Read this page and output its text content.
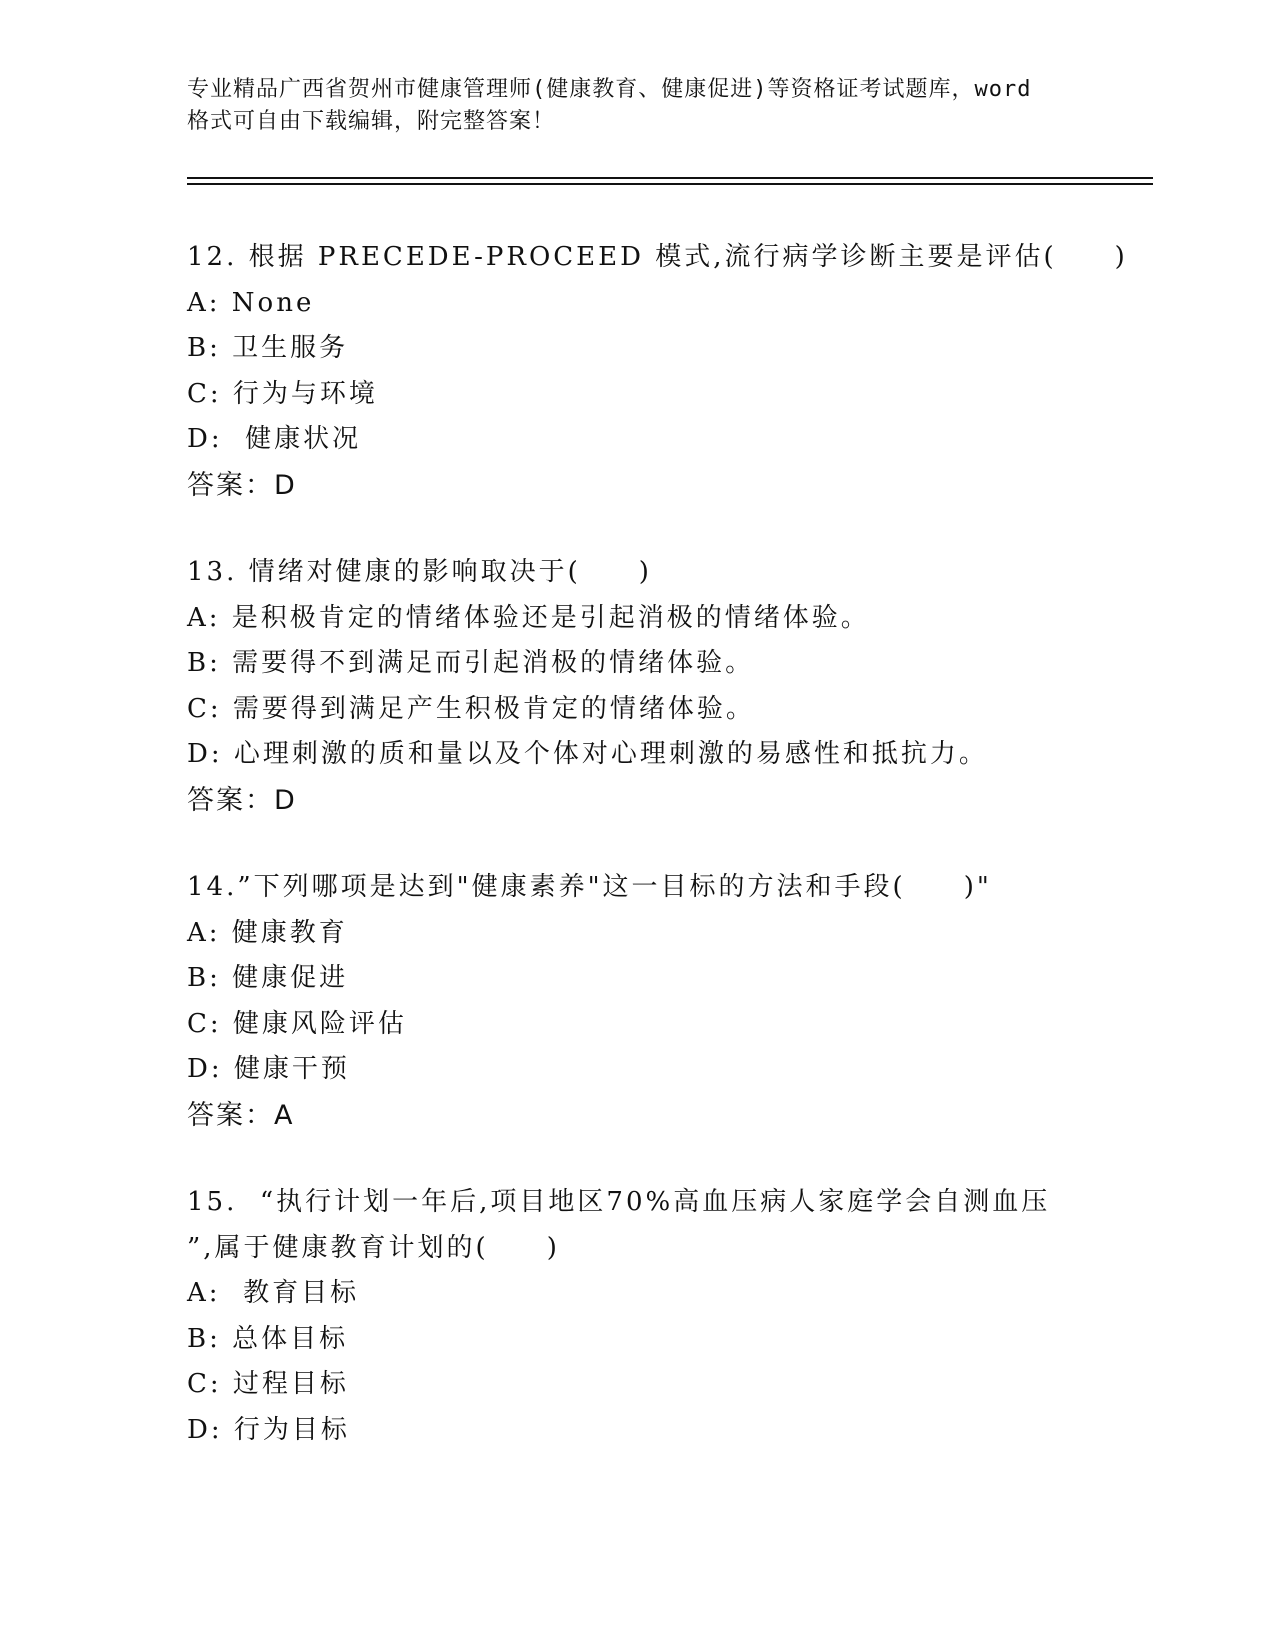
专业精品广西省贺州市健康管理师(健康教育、健康促进)等资格证考试题库，word
格式可自由下载编辑，附完整答案！
12. 根据 PRECEDE-PROCEED 模式,流行病学诊断主要是评估(　　)
A: None
B: 卫生服务
C: 行为与环境
D:  健康状况
答案：D
13. 情绪对健康的影响取决于(　　)
A: 是积极肯定的情绪体验还是引起消极的情绪体验。
B: 需要得不到满足而引起消极的情绪体验。
C: 需要得到满足产生积极肯定的情绪体验。
D: 心理刺激的质和量以及个体对心理刺激的易感性和抵抗力。
答案：D
14.”下列哪项是达到"健康素养"这一目标的方法和手段(　　)"
A: 健康教育
B: 健康促进
C: 健康风险评估
D: 健康干预
答案：A
15.  “执行计划一年后,项目地区70%高血压病人家庭学会自测血压
”,属于健康教育计划的(　　)
A:  教育目标
B: 总体目标
C: 过程目标
D: 行为目标
